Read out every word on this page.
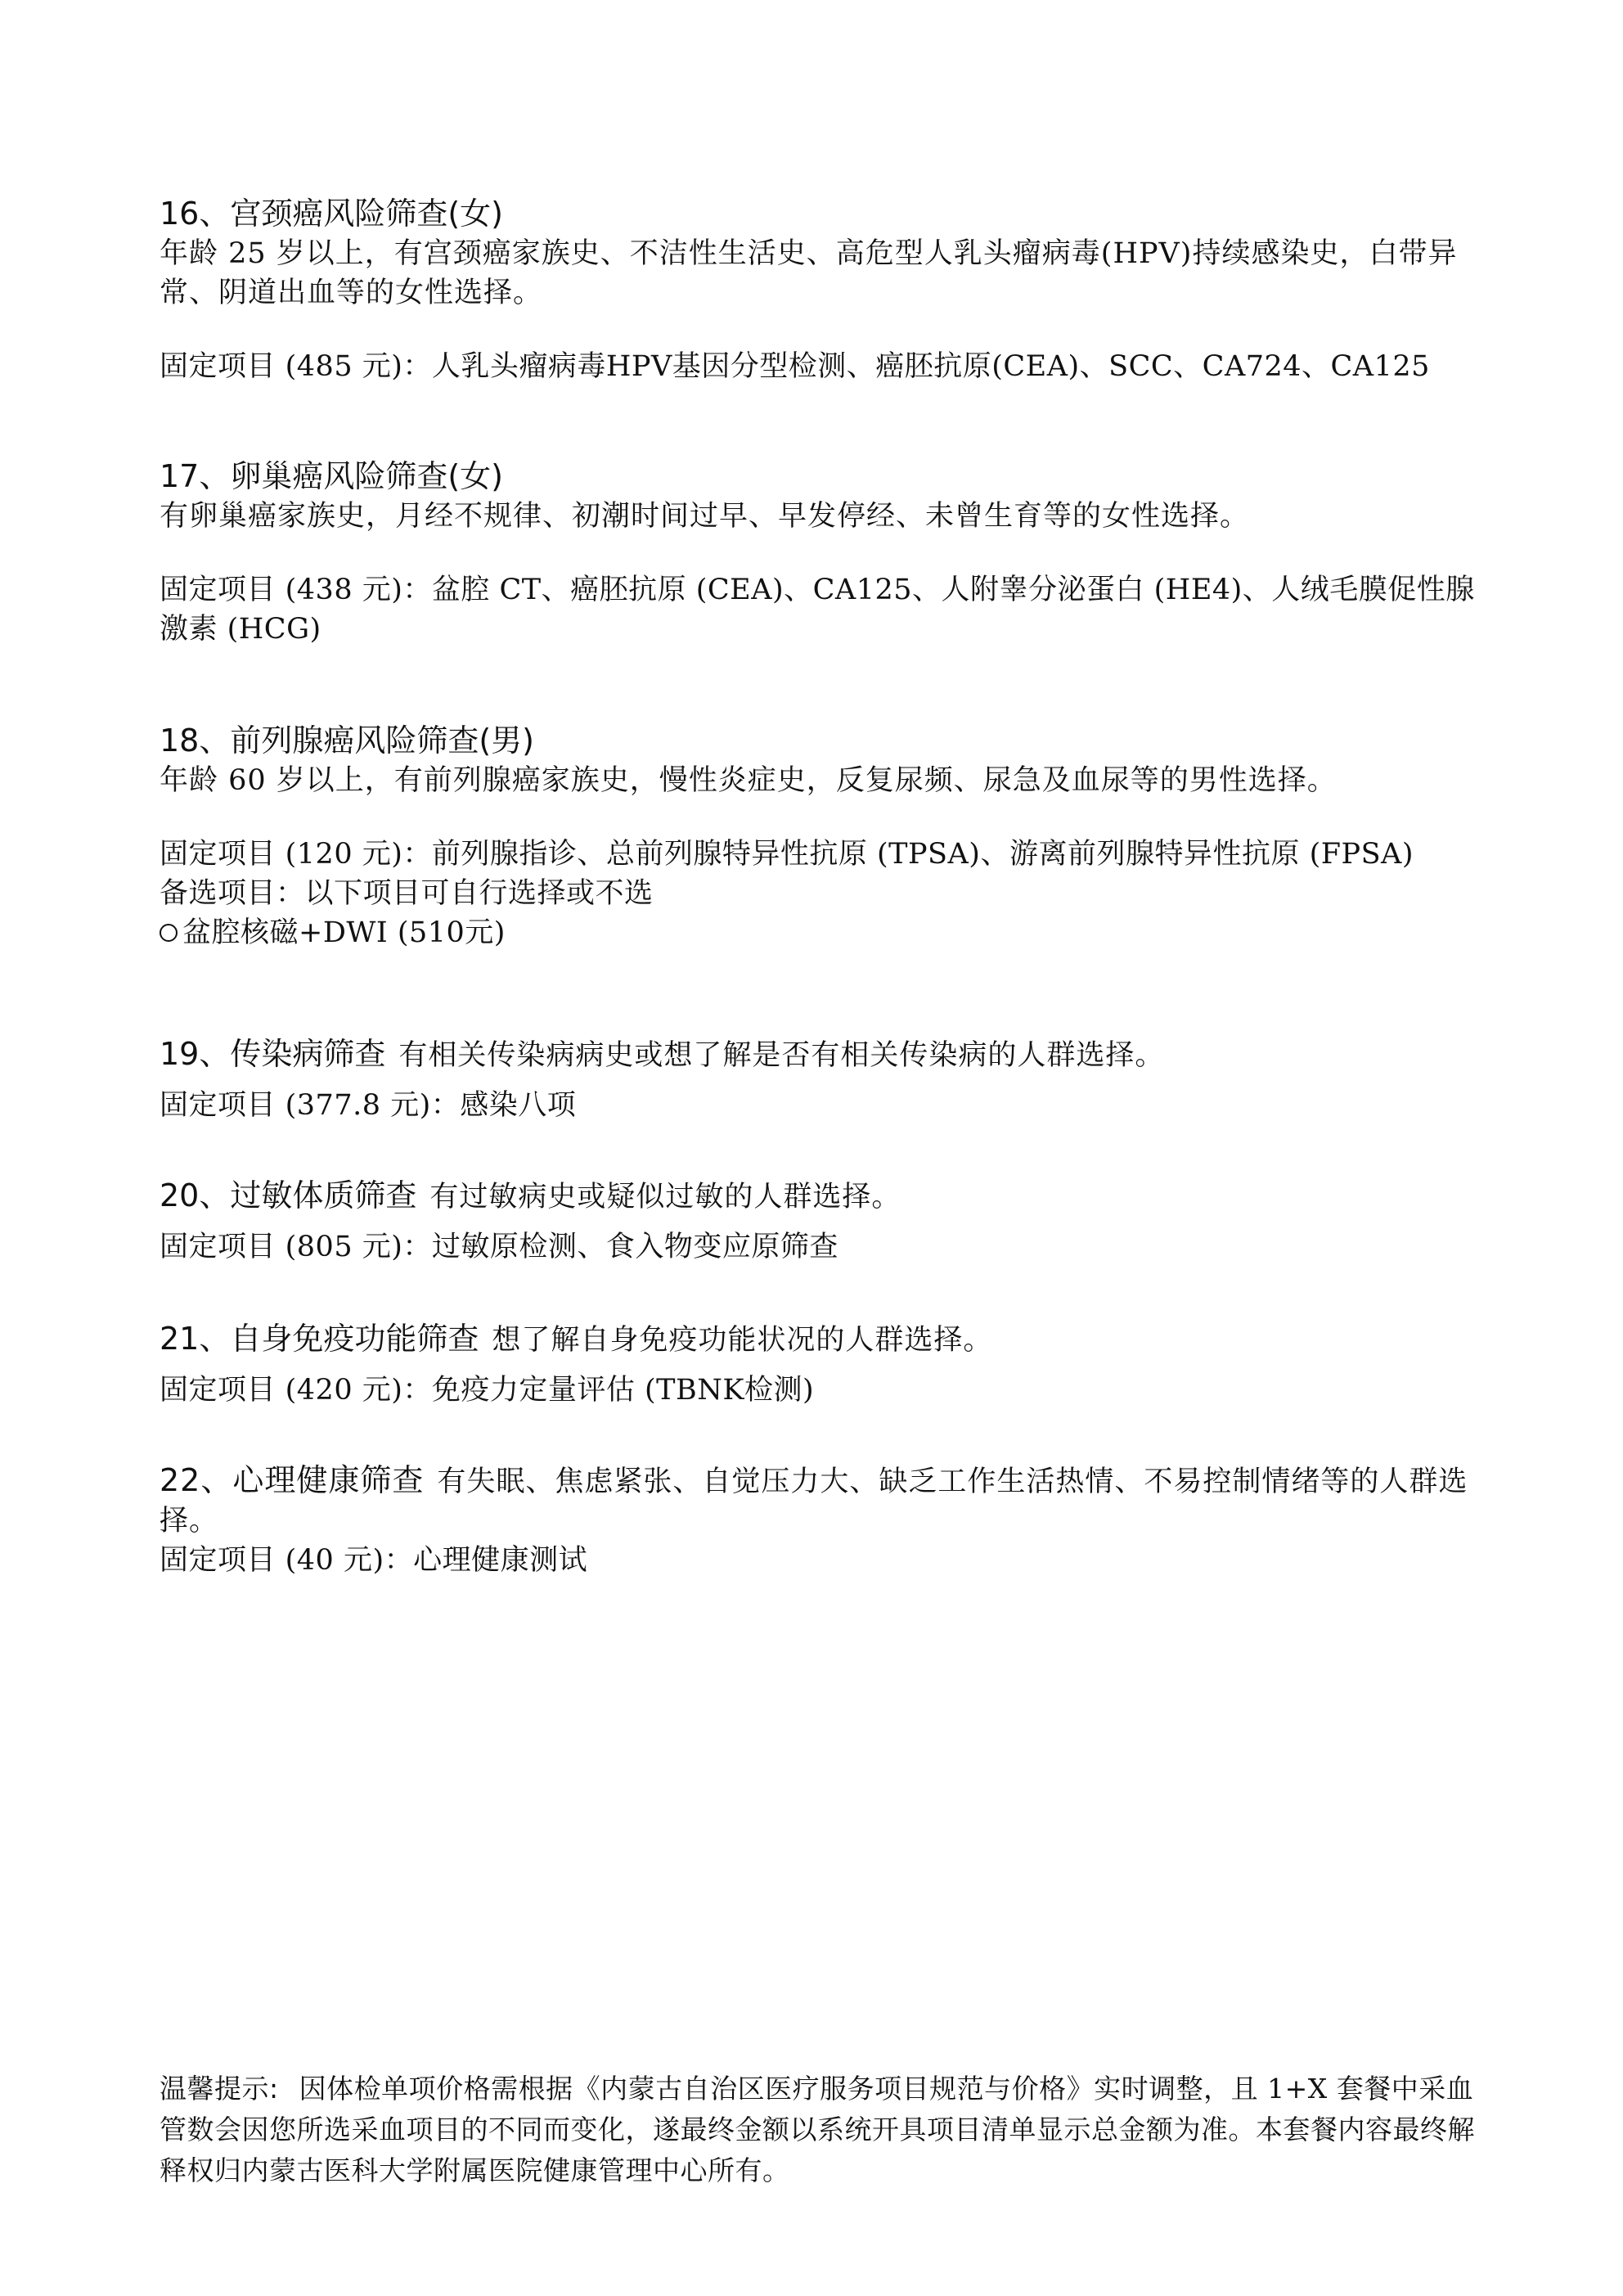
16、宫颈癌风险筛查(女)
年龄 25 岁以上，有宫颈癌家族史、不洁性生活史、高危型人乳头瘤病毒(HPV)持续感染史，白带异常、阴道出血等的女性选择。
固定项目 (485 元)：人乳头瘤病毒HPV基因分型检测、癌胚抗原(CEA)、SCC、CA724、CA125
17、卵巢癌风险筛查(女)
有卵巢癌家族史，月经不规律、初潮时间过早、早发停经、未曾生育等的女性选择。
固定项目 (438 元)：盆腔 CT、癌胚抗原 (CEA)、CA125、人附睾分泌蛋白 (HE4)、人绒毛膜促性腺激素 (HCG)
18、前列腺癌风险筛查(男)
年龄 60 岁以上，有前列腺癌家族史，慢性炎症史，反复尿频、尿急及血尿等的男性选择。
固定项目 (120 元)：前列腺指诊、总前列腺特异性抗原 (TPSA)、游离前列腺特异性抗原 (FPSA)
备选项目：以下项目可自行选择或不选
盆腔核磁+DWI (510元)
19、传染病筛查 有相关传染病病史或想了解是否有相关传染病的人群选择。
固定项目 (377.8 元)：感染八项
20、过敏体质筛查 有过敏病史或疑似过敏的人群选择。
固定项目 (805 元)：过敏原检测、食入物变应原筛查
21、自身免疫功能筛查 想了解自身免疫功能状况的人群选择。
固定项目 (420 元)：免疫力定量评估 (TBNK检测)
22、心理健康筛查 有失眠、焦虑紧张、自觉压力大、缺乏工作生活热情、不易控制情绪等的人群选择。
固定项目 (40 元)：心理健康测试
温馨提示: 因体检单项价格需根据《内蒙古自治区医疗服务项目规范与价格》实时调整，且 1+X 套餐中采血管数会因您所选采血项目的不同而变化，遂最终金额以系统开具项目清单显示总金额为准。本套餐内容最终解释权归内蒙古医科大学附属医院健康管理中心所有。
